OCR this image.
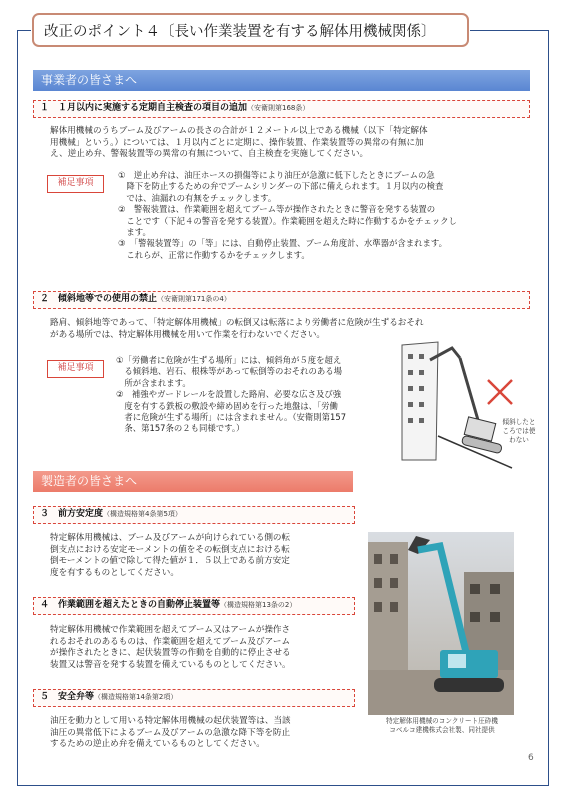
改正のポイント４〔長い作業装置を有する解体用機械関係〕
事業者の皆さまへ
１　１月以内に実施する定期自主検査の項目の追加（安衛則第168条）
解体用機械のうちブーム及びアームの長さの合計が１２メートル以上である機械（以下「特定解体
用機械」という。）については、１月以内ごとに定期に、操作装置、作業装置等の異常の有無に加
え、逆止め弁、警報装置等の異常の有無について、自主検査を実施してください。
補足事項
①　逆止め弁は、油圧ホースの損傷等により油圧が急激に低下したときにブームの急
　降下を防止するための弁でブームシリンダーの下部に備えられます。１月以内の検査
　では、油漏れの有無をチェックします。
②　警報装置は、作業範囲を超えてブーム等が操作されたときに警音を発する装置の
　ことです（下記４の警音を発する装置）。作業範囲を超えた時に作動するかをチェックし
　ます。
③　「警報装置等」の「等」には、自動停止装置、ブーム角度計、水準器が含まれます。
　これらが、正常に作動するかをチェックします。
２　傾斜地等での使用の禁止（安衛則第171条の4）
路肩、傾斜地等であって、「特定解体用機械」の転倒又は転落により労働者に危険が生ずるおそれ
がある場所では、特定解体用機械を用いて作業を行わないでください。
補足事項
①「労働者に危険が生ずる場所」には、傾斜角が５度を超え
　る傾斜地、岩石、根株等があって転倒等のおそれのある場
　所が含まれます。
②　補強やガードレールを設置した路肩、必要な広さ及び強
　度を有する鉄板の敷設や締め固めを行った地盤は、「労働
　者に危険が生ずる場所」には含まれません。（安衛則第157
　条、第157条の２も同様です。）
傾斜したと
ころでは使
わない
製造者の皆さまへ
３　前方安定度（構造規格第4条第5項）
特定解体用機械は、ブーム及びアームが向けられている側の転
倒支点における安定モーメントの値をその転倒支点における転
倒モーメントの値で除して得た値が１．５以上である前方安定
度を有するものとしてください。
４　作業範囲を超えたときの自動停止装置等（構造規格第13条の2）
特定解体用機械で作業範囲を超えてブーム又はアームが操作さ
れるおそれのあるものは、作業範囲を超えてブーム及びアーム
が操作されたときに、起伏装置等の作動を自動的に停止させる
装置又は警音を発する装置を備えているものとしてください。
５　安全弁等（構造規格第14条第2項）
油圧を動力として用いる特定解体用機械の起伏装置等は、当該
油圧の異常低下によるブーム及びアームの急激な降下等を防止
するための逆止め弁を備えているものとしてください。
特定解体用機械のコンクリート圧砕機
コベルコ建機株式会社製、同社提供
6
